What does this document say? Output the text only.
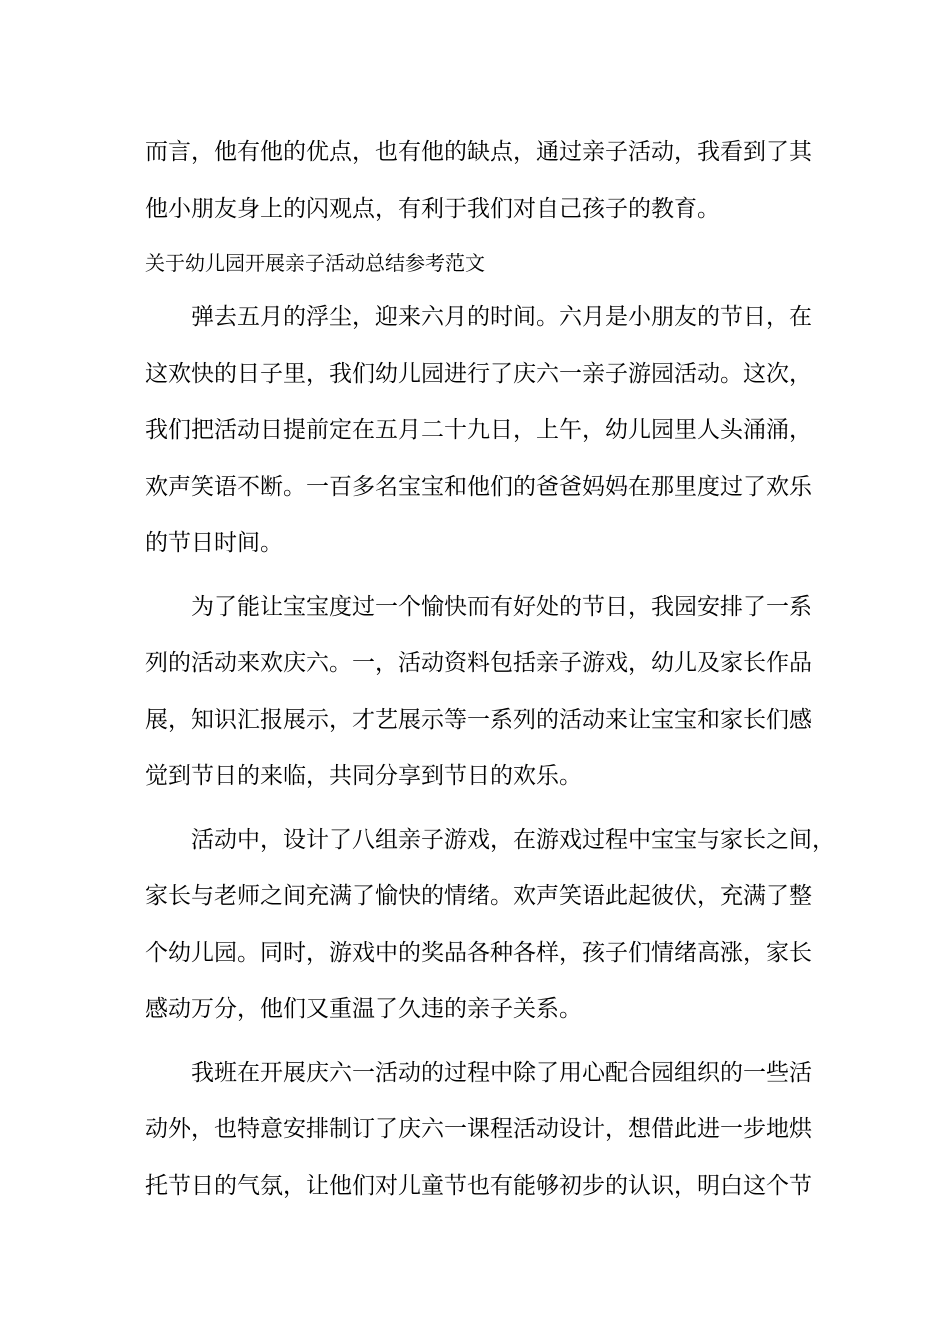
而言，他有他的优点，也有他的缺点，通过亲子活动，我看到了其
他小朋友身上的闪观点，有利于我们对自己孩子的教育。
关于幼儿园开展亲子活动总结参考范文
弹去五月的浮尘，迎来六月的时间。六月是小朋友的节日，在
这欢快的日子里，我们幼儿园进行了庆六一亲子游园活动。这次，
我们把活动日提前定在五月二十九日，上午，幼儿园里人头涌涌，
欢声笑语不断。一百多名宝宝和他们的爸爸妈妈在那里度过了欢乐
的节日时间。
为了能让宝宝度过一个愉快而有好处的节日，我园安排了一系
列的活动来欢庆六。一，活动资料包括亲子游戏，幼儿及家长作品
展，知识汇报展示，才艺展示等一系列的活动来让宝宝和家长们感
觉到节日的来临，共同分享到节日的欢乐。
活动中，设计了八组亲子游戏，在游戏过程中宝宝与家长之间，
家长与老师之间充满了愉快的情绪。欢声笑语此起彼伏，充满了整
个幼儿园。同时，游戏中的奖品各种各样，孩子们情绪高涨，家长
感动万分，他们又重温了久违的亲子关系。
我班在开展庆六一活动的过程中除了用心配合园组织的一些活
动外，也特意安排制订了庆六一课程活动设计，想借此进一步地烘
托节日的气氛，让他们对儿童节也有能够初步的认识，明白这个节
